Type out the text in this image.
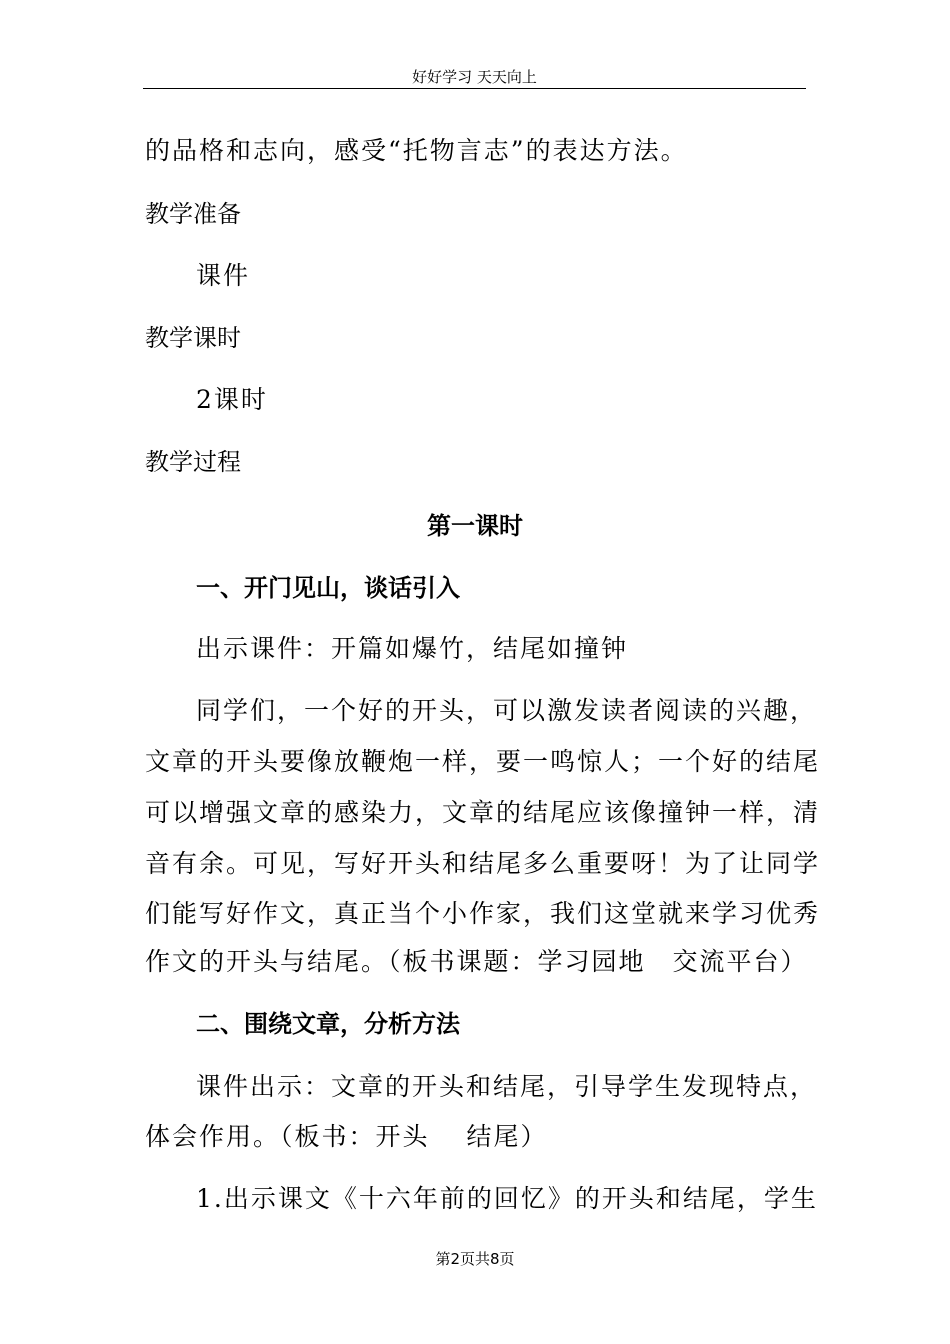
好好学习 天天向上
的品格和志向，感受“托物言志”的表达方法。
教学准备
课件
教学课时
2课时
教学过程
第一课时
一、开门见山，谈话引入
出示课件：开篇如爆竹，结尾如撞钟
同学们，一个好的开头，可以激发读者阅读的兴趣，
文章的开头要像放鞭炮一样，要一鸣惊人；一个好的结尾
可以增强文章的感染力，文章的结尾应该像撞钟一样，清
音有余。可见，写好开头和结尾多么重要呀！为了让同学
们能写好作文，真正当个小作家，我们这堂就来学习优秀
作文的开头与结尾。（板书课题：学习园地　交流平台）
二、围绕文章，分析方法
课件出示：文章的开头和结尾，引导学生发现特点，
体会作用。（板书：开头　 结尾）
1.出示课文《十六年前的回忆》的开头和结尾，学生
第2页共8页
